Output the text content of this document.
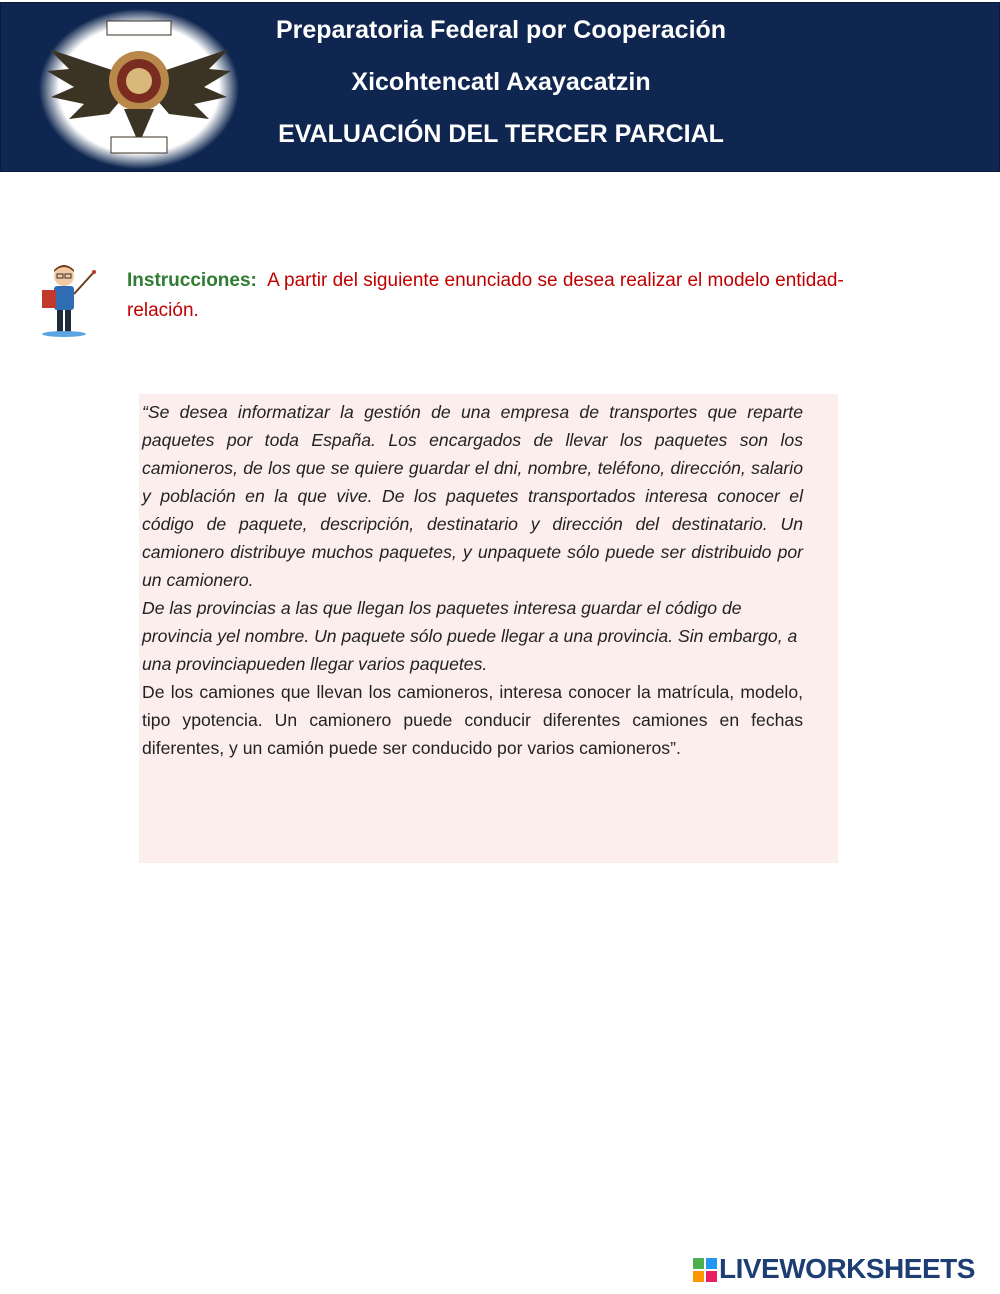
Preparatoria Federal por Cooperación

Xicohtencatl Axayacatzin

EVALUACIÓN DEL TERCER PARCIAL

Instrucciones: A partir del siguiente enunciado se desea realizar el modelo entidad-relación.

“Se desea informatizar la gestión de una empresa de transportes que reparte paquetes por toda España. Los encargados de llevar los paquetes son los camioneros, de los que se quiere guardar el dni, nombre, teléfono, dirección, salario y población en la que vive. De los paquetes transportados interesa conocer el código de paquete, descripción, destinatario y dirección del destinatario. Un camionero distribuye muchos paquetes, y unpaquete sólo puede ser distribuido por un camionero.

De las provincias a las que llegan los paquetes interesa guardar el código de provincia yel nombre. Un paquete sólo puede llegar a una provincia. Sin embargo, a una provinciapueden llegar varios paquetes.

De los camiones que llevan los camioneros, interesa conocer la matrícula, modelo, tipo ypotencia. Un camionero puede conducir diferentes camiones en fechas diferentes, y un camión puede ser conducido por varios camioneros”.

LIVEWORKSHEETS
